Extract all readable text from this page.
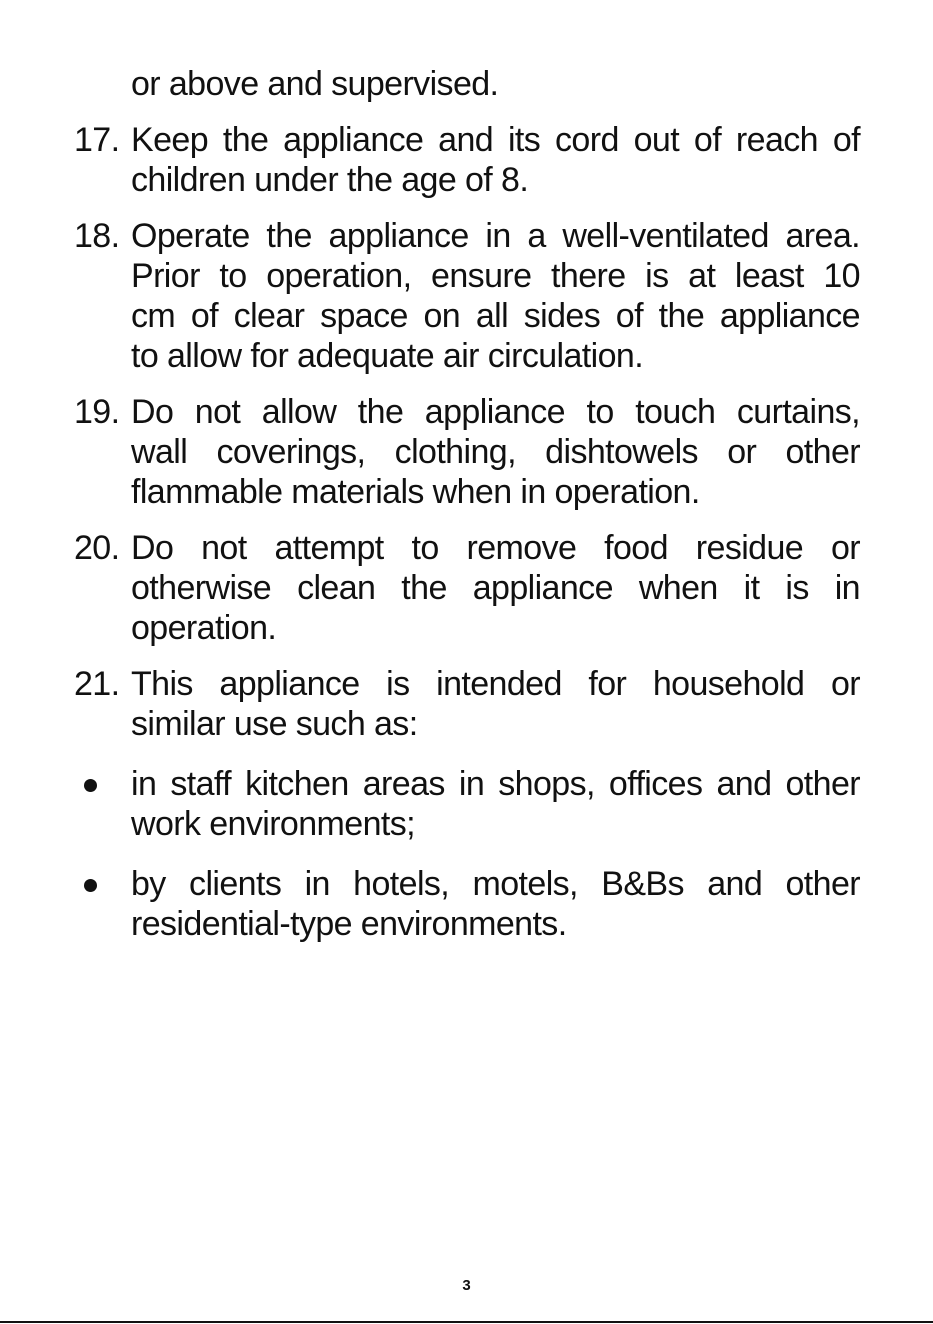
or above and supervised.
17. Keep the appliance and its cord out of reach of
children under the age of 8.
18. Operate the appliance in a well-ventilated area.
Prior to operation, ensure there is at least 10
cm of clear space on all sides of the appliance
to allow for adequate air circulation.
19. Do not allow the appliance to touch curtains,
wall coverings, clothing, dishtowels or other
flammable materials when in operation.
20. Do not attempt to remove food residue or
otherwise clean the appliance when it is in
operation.
21. This appliance is intended for household or
similar use such as:
in staff kitchen areas in shops, offices and other
work environments;
by clients in hotels, motels, B&Bs and other
residential-type environments.
3
